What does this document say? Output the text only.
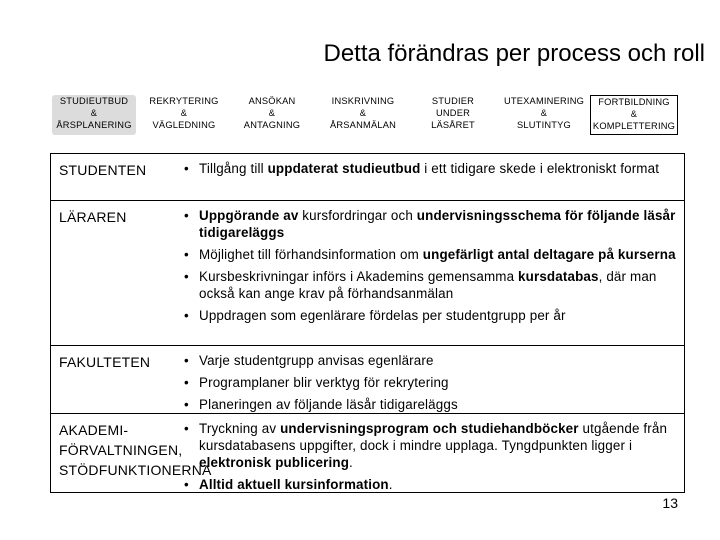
Detta förändras per process och roll
STUDIEUTBUD
&
ÅRSPLANERING
REKRYTERING
&
VÄGLEDNING
ANSÖKAN
&
ANTAGNING
INSKRIVNING
&
ÅRSANMÄLAN
STUDIER
UNDER
LÄSÅRET
UTEXAMINERING
&
SLUTINTYG
FORTBILDNING
&
KOMPLETTERING
STUDENTEN	• Tillgång till uppdaterat studieutbud i ett tidigare skede i elektroniskt format
LÄRAREN	• Uppgörande av kursfordringar och undervisningsschema för följande läsår tidigareläggs
• Möjlighet till förhandsinformation om ungefärligt antal deltagare på kurserna
• Kursbeskrivningar införs i Akademins gemensamma kursdatabas, där man också kan ange krav på förhandsanmälan
• Uppdragen som egenlärare fördelas per studentgrupp per år
FAKULTETEN	• Varje studentgrupp anvisas egenlärare
• Programplaner blir verktyg för rekrytering
• Planeringen av följande läsår tidigareläggs
AKADEMI-FÖRVALTNINGEN, STÖDFUNKTIONERNA
• Tryckning av undervisningsprogram och studiehandböcker utgående från kursdatabasens uppgifter, dock i mindre upplaga. Tyngdpunkten ligger i elektronisk publicering.
• Alltid aktuell kursinformation.
13
